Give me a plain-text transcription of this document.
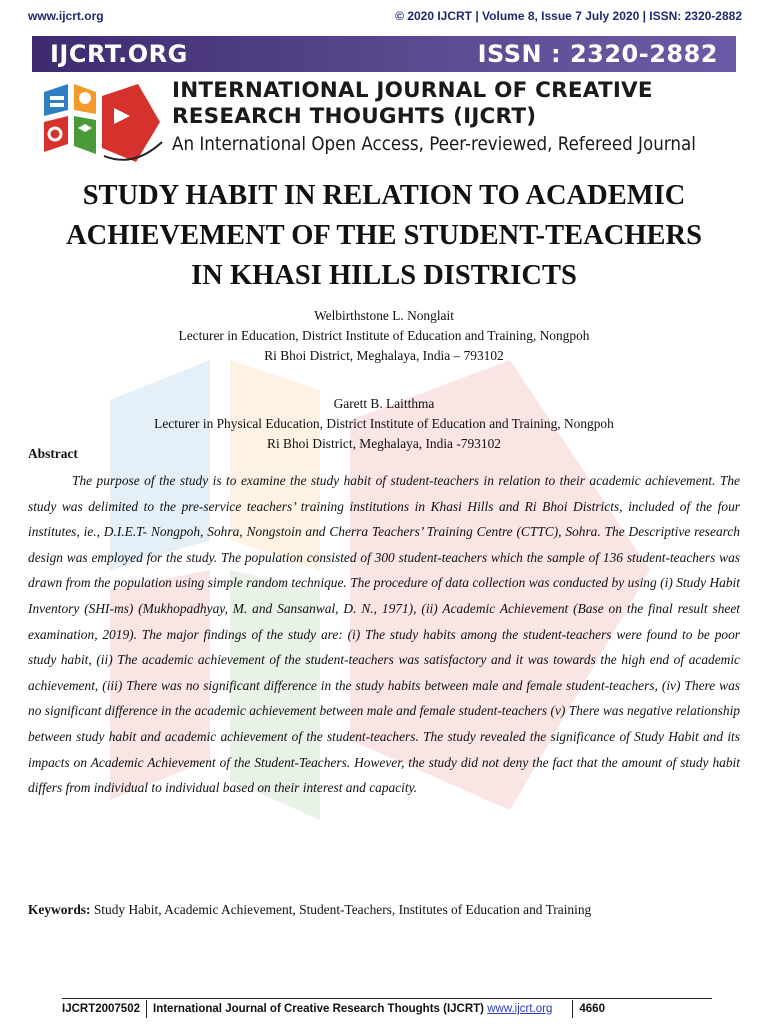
www.ijcrt.org	© 2020 IJCRT | Volume 8, Issue 7 July 2020 | ISSN: 2320-2882
IJCRT.ORG	ISSN : 2320-2882
INTERNATIONAL JOURNAL OF CREATIVE
RESEARCH THOUGHTS (IJCRT)
An International Open Access, Peer-reviewed, Refereed Journal
STUDY HABIT IN RELATION TO ACADEMIC
ACHIEVEMENT OF THE STUDENT-TEACHERS
IN KHASI HILLS DISTRICTS

Welbirthstone L. Nonglait

Lecturer in Education, District Institute of Education and Training, Nongpoh

Ri Bhoi District, Meghalaya, India – 793102

Garett B. Laitthma

Lecturer in Physical Education, District Institute of Education and Training, Nongpoh

Ri Bhoi District, Meghalaya, India -793102

Abstract

The purpose of the study is to examine the study habit of student-teachers in relation to their academic achievement. The study was delimited to the pre-service teachers’ training institutions in Khasi Hills and Ri Bhoi Districts, included of the four institutes, ie., D.I.E.T- Nongpoh, Sohra, Nongstoin and Cherra Teachers’ Training Centre (CTTC), Sohra. The Descriptive research design was employed for the study. The population consisted of 300 student-teachers which the sample of 136 student-teachers was drawn from the population using simple random technique. The procedure of data collection was conducted by using (i) Study Habit Inventory (SHI-ms) (Mukhopadhyay, M. and Sansanwal, D. N., 1971), (ii) Academic Achievement (Base on the final result sheet examination, 2019). The major findings of the study are: (i) The study habits among the student-teachers were found to be poor study habit, (ii) The academic achievement of the student-teachers was satisfactory and it was towards the high end of academic achievement, (iii) There was no significant difference in the study habits between male and female student-teachers, (iv) There was no significant difference in the academic achievement between male and female student-teachers (v) There was negative relationship between study habit and academic achievement of the student-teachers. The study revealed the significance of Study Habit and its impacts on Academic Achievement of the Student-Teachers. However, the study did not deny the fact that the amount of study habit differs from individual to individual based on their interest and capacity.

Keywords: Study Habit, Academic Achievement, Student-Teachers, Institutes of Education and Training
IJCRT2007502 International Journal of Creative Research Thoughts (IJCRT)
www.ijcrt.org 4660
